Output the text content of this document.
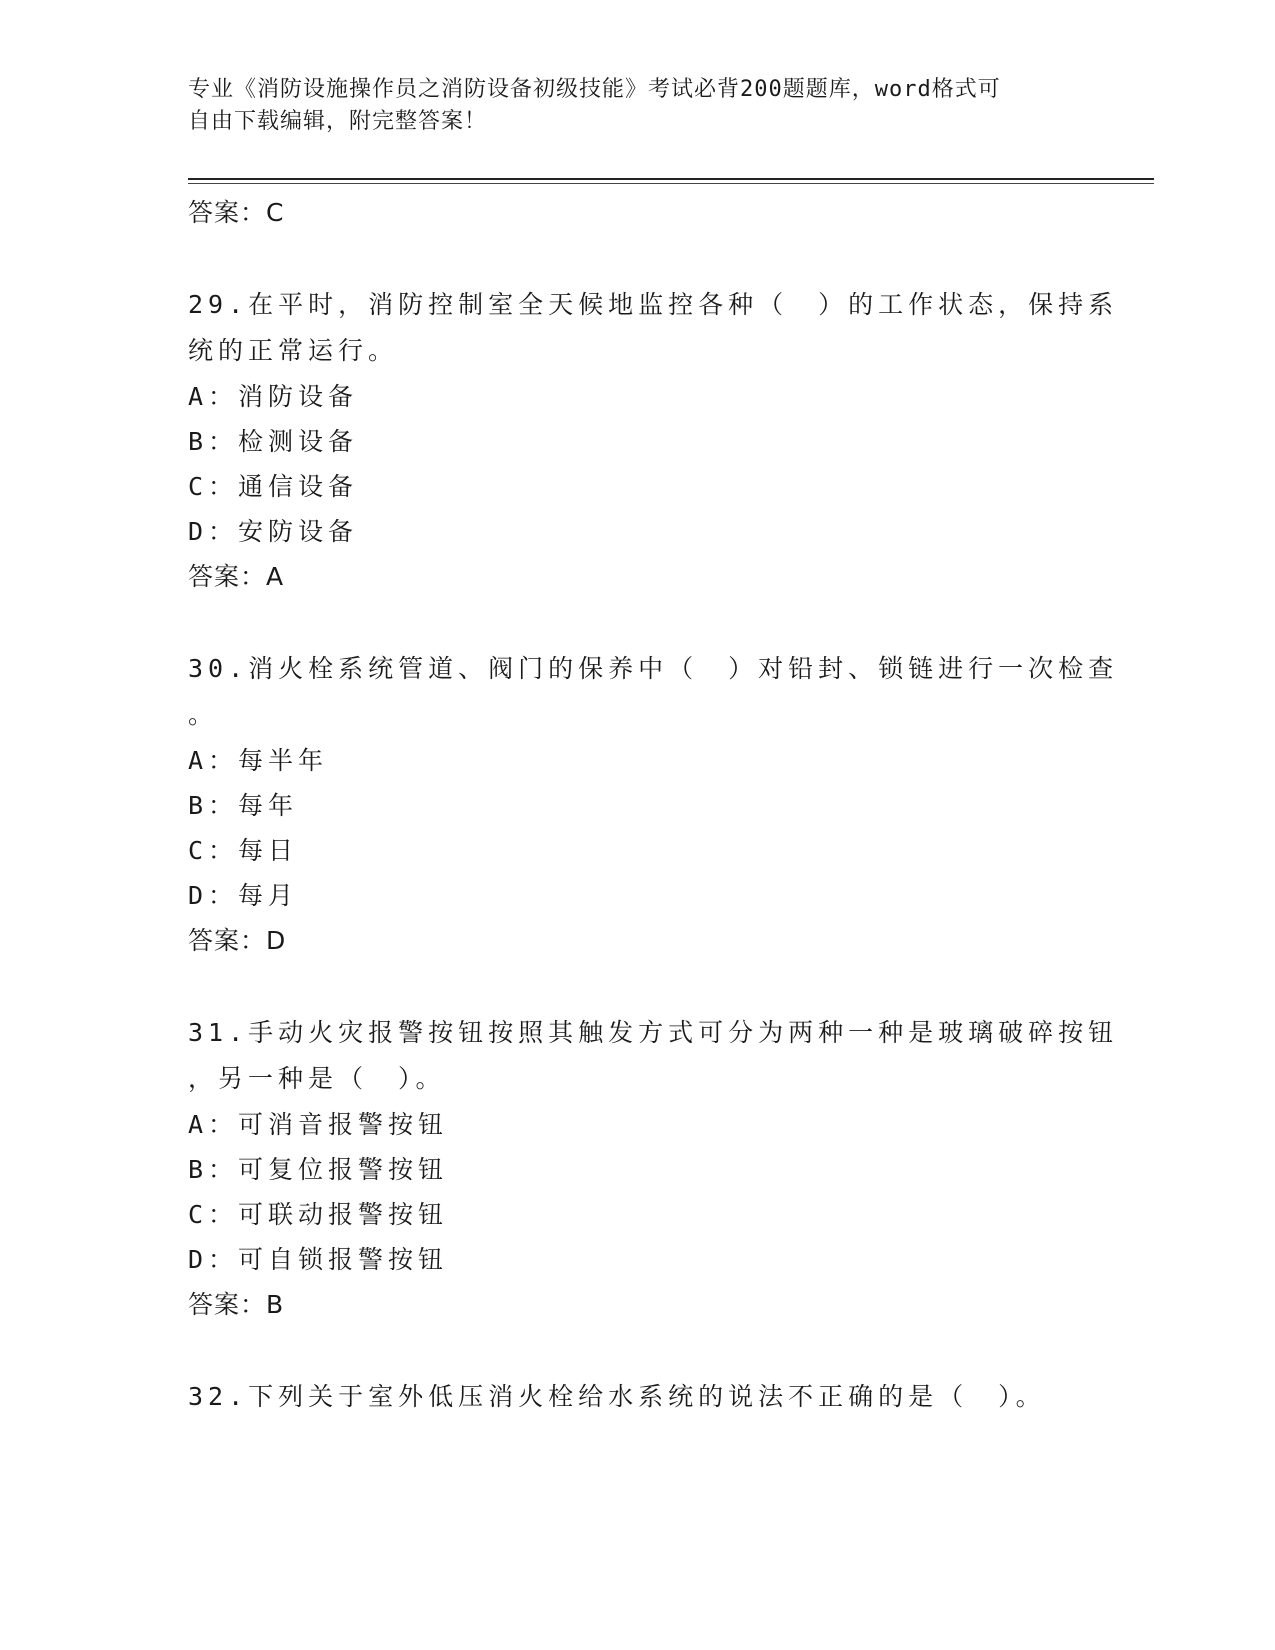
专业《消防设施操作员之消防设备初级技能》考试必背200题题库，word格式可
自由下载编辑，附完整答案！
答案：C
29.在平时，消防控制室全天候地监控各种（　）的工作状态，保持系
统的正常运行。
A：消防设备
B：检测设备
C：通信设备
D：安防设备
答案：A
30.消火栓系统管道、阀门的保养中（　）对铅封、锁链进行一次检查
。
A：每半年
B：每年
C：每日
D：每月
答案：D
31.手动火灾报警按钮按照其触发方式可分为两种一种是玻璃破碎按钮
，另一种是（　）。
A：可消音报警按钮
B：可复位报警按钮
C：可联动报警按钮
D：可自锁报警按钮
答案：B
32.下列关于室外低压消火栓给水系统的说法不正确的是（　）。
